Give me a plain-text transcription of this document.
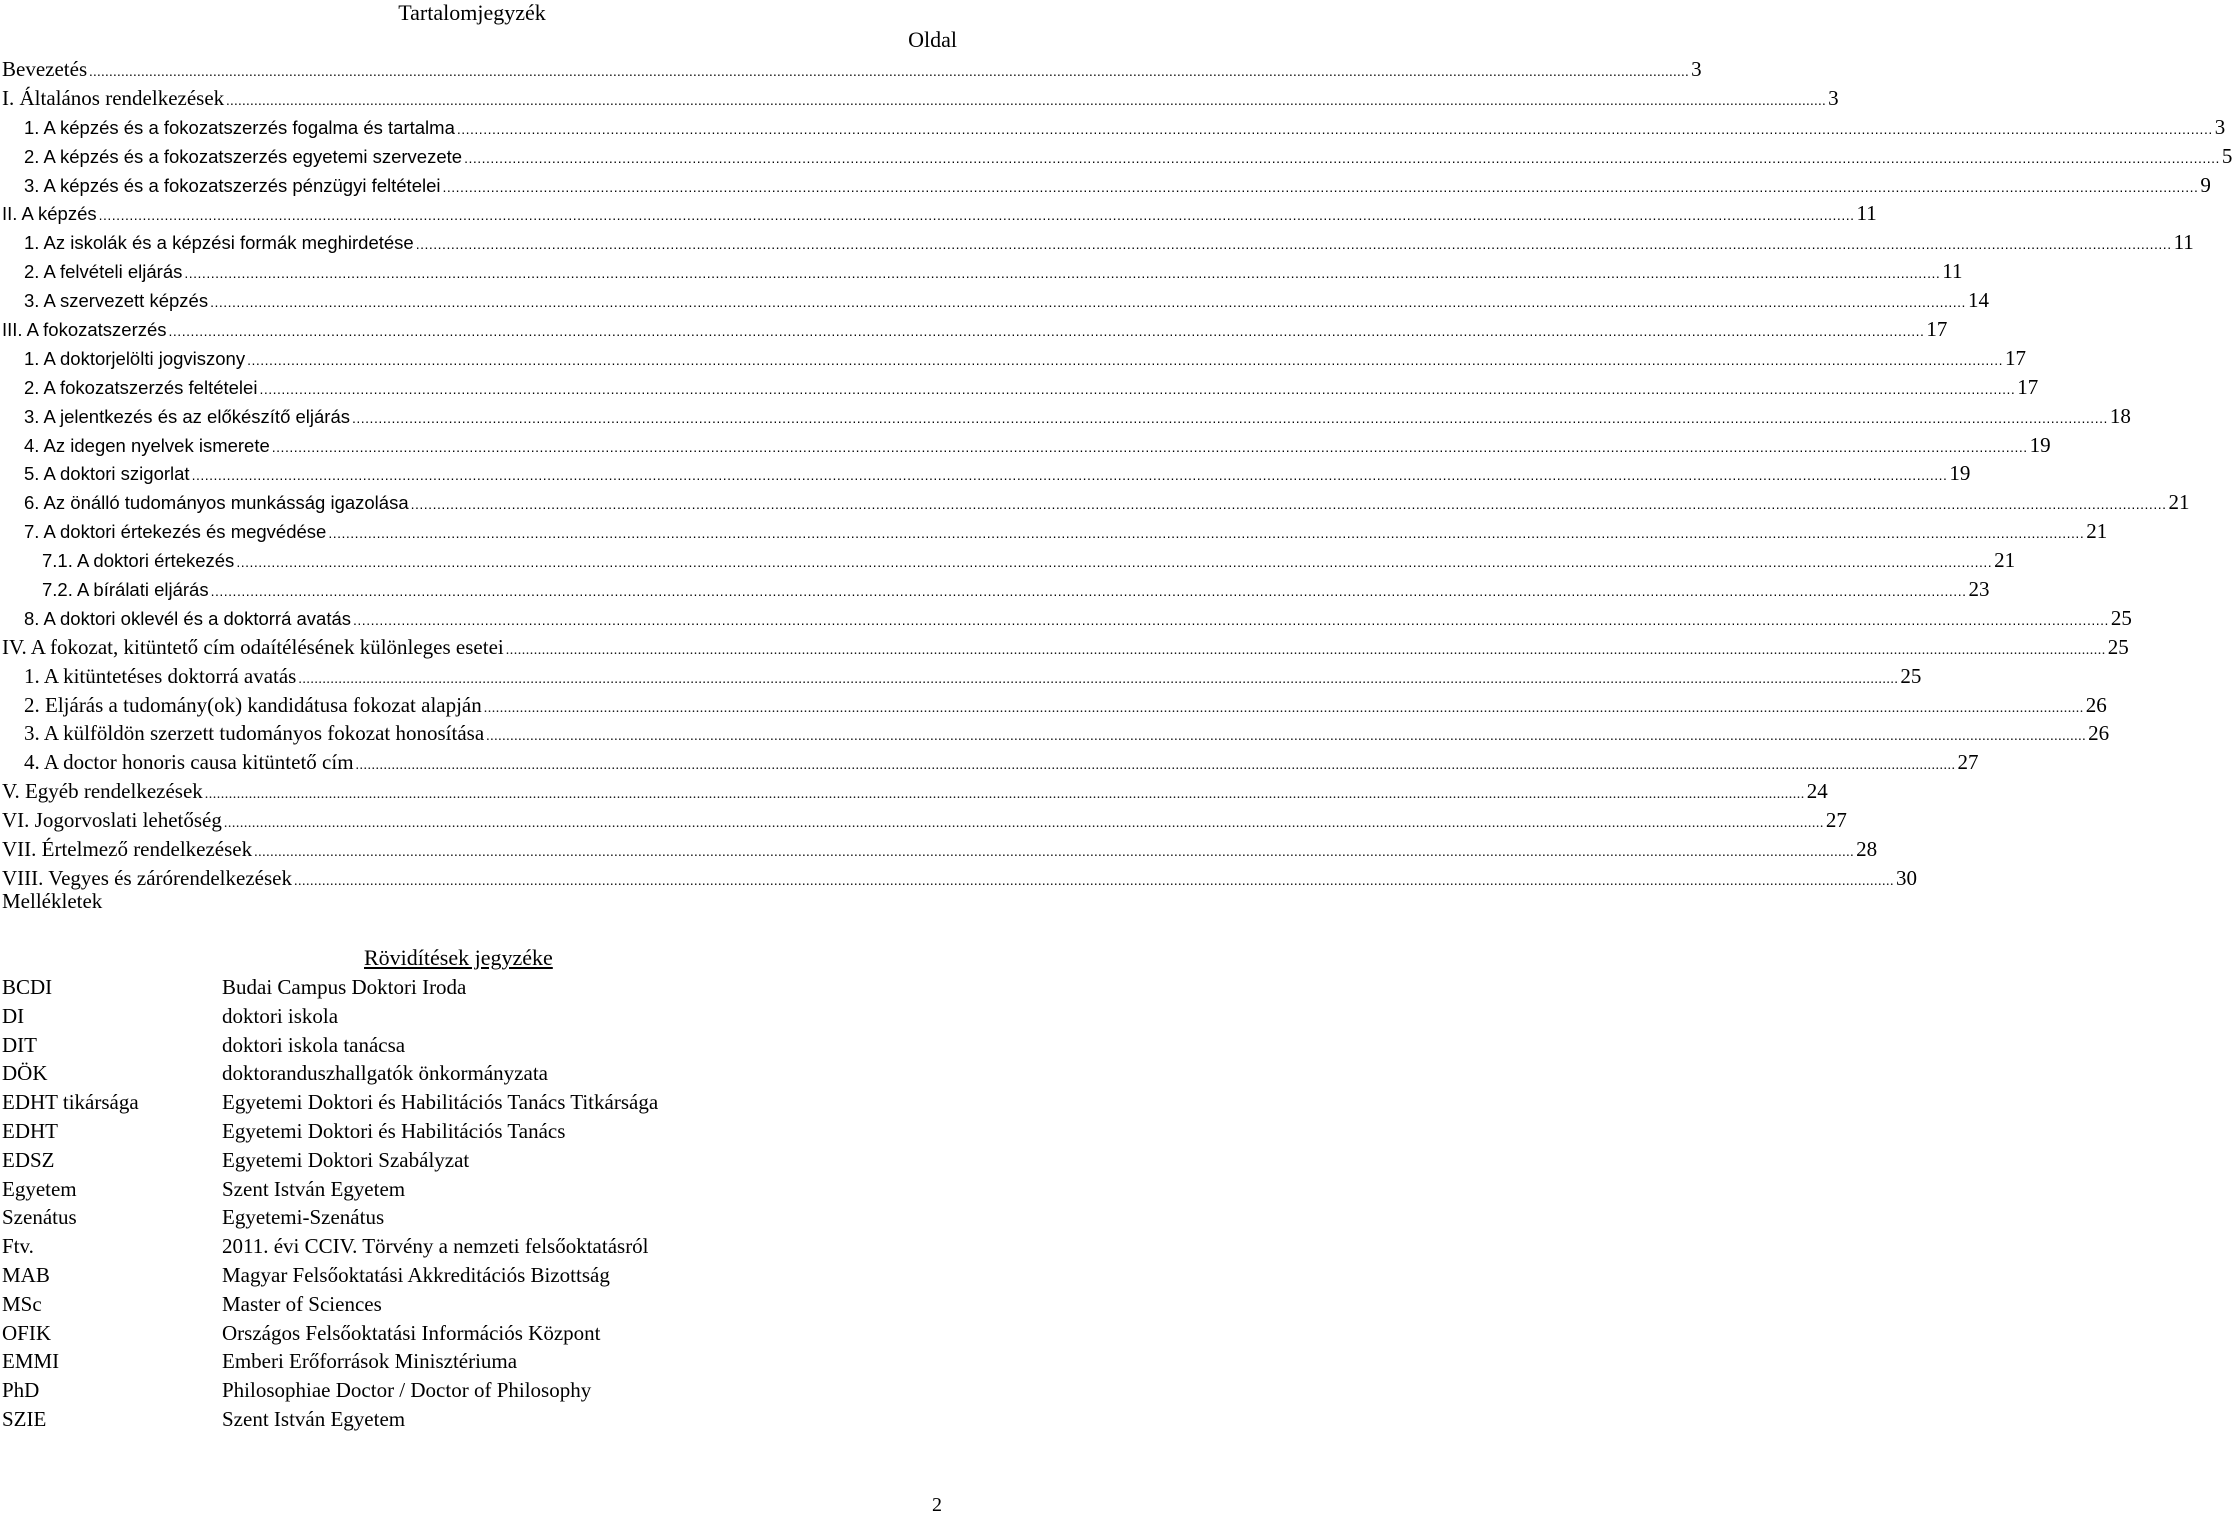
Tartalomjegyzék
Oldal
Bevezetés ................................................................................................................................................................................................................................................................................................................................................................................................................ 3
I. Általános rendelkezések ................................................................................................................................................................................................................................................................................................................................................................................................................ 3
1. A képzés és a fokozatszerzés fogalma és tartalma ................................................................................................................................................................................................................................................................................................................................................................................................................ 3
2. A képzés és a fokozatszerzés egyetemi szervezete ................................................................................................................................................................................................................................................................................................................................................................................................................ 5
3. A képzés és a fokozatszerzés pénzügyi feltételei ................................................................................................................................................................................................................................................................................................................................................................................................................ 9
II. A képzés ................................................................................................................................................................................................................................................................................................................................................................................................................ 11
1. Az iskolák és a képzési formák meghirdetése ................................................................................................................................................................................................................................................................................................................................................................................................................ 11
2. A felvételi eljárás ................................................................................................................................................................................................................................................................................................................................................................................................................ 11
3. A szervezett képzés ................................................................................................................................................................................................................................................................................................................................................................................................................ 14
III. A fokozatszerzés ................................................................................................................................................................................................................................................................................................................................................................................................................ 17
1. A doktorjelölti jogviszony ................................................................................................................................................................................................................................................................................................................................................................................................................ 17
2. A fokozatszerzés feltételei ................................................................................................................................................................................................................................................................................................................................................................................................................ 17
3. A jelentkezés és az előkészítő eljárás ................................................................................................................................................................................................................................................................................................................................................................................................................ 18
4. Az idegen nyelvek ismerete ................................................................................................................................................................................................................................................................................................................................................................................................................ 19
5. A doktori szigorlat ................................................................................................................................................................................................................................................................................................................................................................................................................ 19
6. Az önálló tudományos munkásság igazolása ................................................................................................................................................................................................................................................................................................................................................................................................................ 21
7. A doktori értekezés és megvédése ................................................................................................................................................................................................................................................................................................................................................................................................................ 21
7.1. A doktori értekezés ................................................................................................................................................................................................................................................................................................................................................................................................................ 21
7.2. A bírálati eljárás ................................................................................................................................................................................................................................................................................................................................................................................................................ 23
8. A doktori oklevél és a doktorrá avatás ................................................................................................................................................................................................................................................................................................................................................................................................................ 25
IV. A fokozat, kitüntető cím odaítélésének különleges esetei ................................................................................................................................................................................................................................................................................................................................................................................................................ 25
1. A kitüntetéses doktorrá avatás ................................................................................................................................................................................................................................................................................................................................................................................................................ 25
2. Eljárás a tudomány(ok) kandidátusa fokozat alapján ................................................................................................................................................................................................................................................................................................................................................................................................................ 26
3. A külföldön szerzett tudományos fokozat honosítása ................................................................................................................................................................................................................................................................................................................................................................................................................ 26
4. A doctor honoris causa kitüntető cím ................................................................................................................................................................................................................................................................................................................................................................................................................ 27
V. Egyéb rendelkezések ................................................................................................................................................................................................................................................................................................................................................................................................................ 24
VI. Jogorvoslati lehetőség ................................................................................................................................................................................................................................................................................................................................................................................................................ 27
VII. Értelmező rendelkezések ................................................................................................................................................................................................................................................................................................................................................................................................................ 28
VIII. Vegyes és zárórendelkezések ................................................................................................................................................................................................................................................................................................................................................................................................................ 30
Mellékletek
Rövidítések jegyzéke
BCDI	Budai Campus Doktori Iroda
DI	doktori iskola
DIT	doktori iskola tanácsa
DÖK	doktoranduszhallgatók önkormányzata
EDHT tikársága	Egyetemi Doktori és Habilitációs Tanács Titkársága
EDHT	Egyetemi Doktori és Habilitációs Tanács
EDSZ	Egyetemi Doktori Szabályzat
Egyetem	Szent István Egyetem
Szenátus	Egyetemi-Szenátus
Ftv.	2011. évi CCIV. Törvény a nemzeti felsőoktatásról
MAB	Magyar Felsőoktatási Akkreditációs Bizottság
MSc	Master of Sciences
OFIK	Országos Felsőoktatási Információs Központ
EMMI	Emberi Erőforrások Minisztériuma
PhD	Philosophiae Doctor / Doctor of Philosophy
SZIE	Szent István Egyetem
2
